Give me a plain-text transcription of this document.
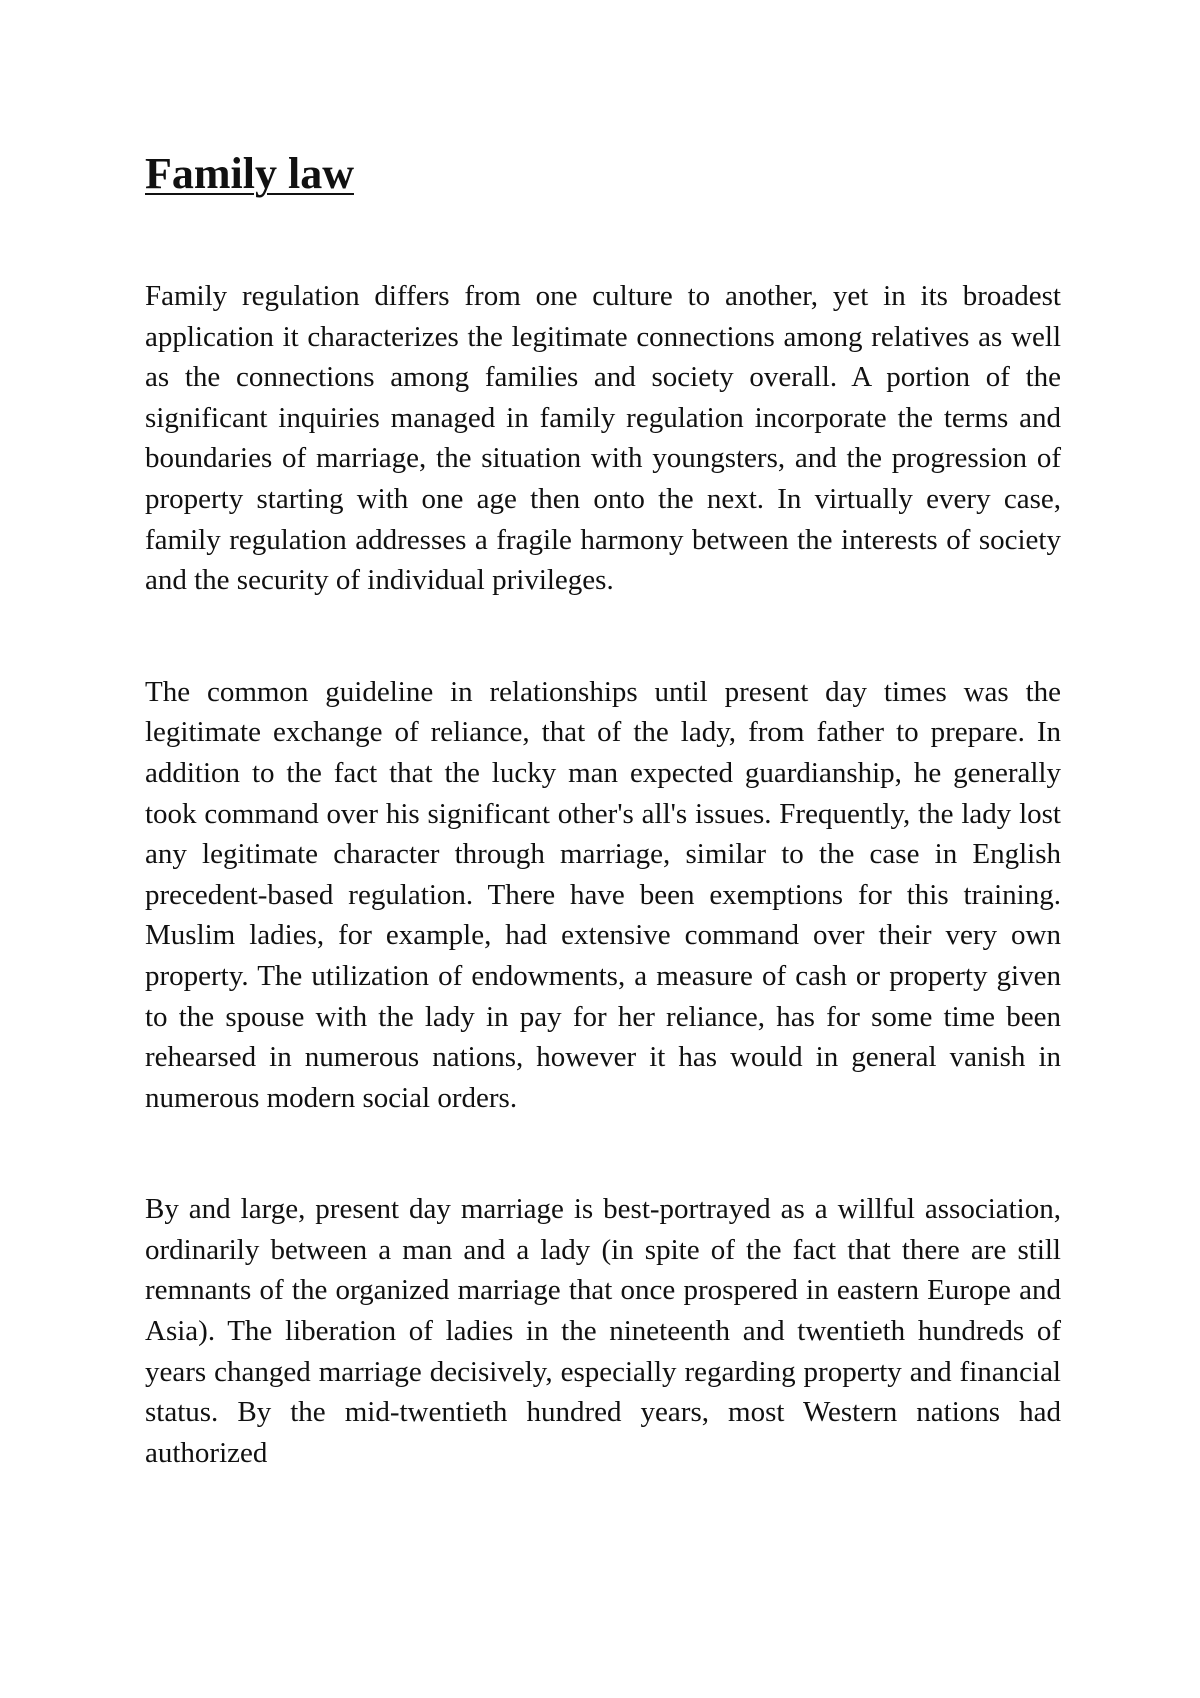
Family law

Family regulation differs from one culture to another, yet in its broadest application it characterizes the legitimate connections among relatives as well as the connections among families and society overall. A portion of the significant inquiries managed in family regulation incorporate the terms and boundaries of marriage, the situation with youngsters, and the progression of property starting with one age then onto the next. In virtually every case, family regulation addresses a fragile harmony between the interests of society and the security of individual privileges.

The common guideline in relationships until present day times was the legitimate exchange of reliance, that of the lady, from father to prepare. In addition to the fact that the lucky man expected guardianship, he generally took command over his significant other's all's issues. Frequently, the lady lost any legitimate character through marriage, similar to the case in English precedent-based regulation. There have been exemptions for this training. Muslim ladies, for example, had extensive command over their very own property. The utilization of endowments, a measure of cash or property given to the spouse with the lady in pay for her reliance, has for some time been rehearsed in numerous nations, however it has would in general vanish in numerous modern social orders.

By and large, present day marriage is best-portrayed as a willful association, ordinarily between a man and a lady (in spite of the fact that there are still remnants of the organized marriage that once prospered in eastern Europe and Asia). The liberation of ladies in the nineteenth and twentieth hundreds of years changed marriage decisively, especially regarding property and financial status. By the mid-twentieth hundred years, most Western nations had authorized
